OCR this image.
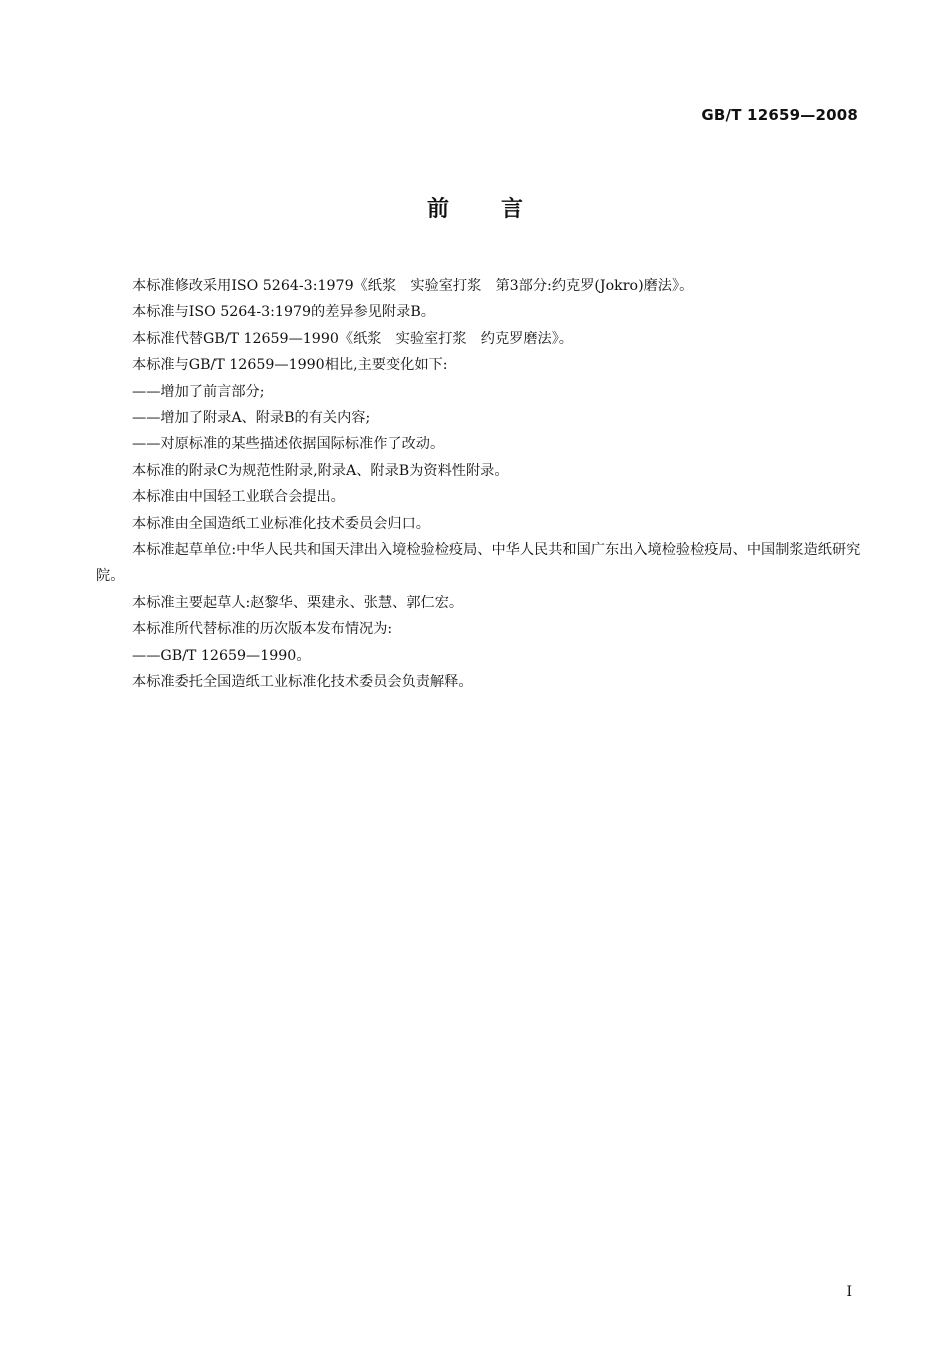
GB/T 12659—2008
前 言

本标准修改采用ISO 5264-3:1979《纸浆　实验室打浆　第3部分:约克罗(Jokro)磨法》。

本标准与ISO 5264-3:1979的差异参见附录B。

本标准代替GB/T 12659—1990《纸浆　实验室打浆　约克罗磨法》。

本标准与GB/T 12659—1990相比,主要变化如下:

——增加了前言部分;

——增加了附录A、附录B的有关内容;

——对原标准的某些描述依据国际标准作了改动。

本标准的附录C为规范性附录,附录A、附录B为资料性附录。

本标准由中国轻工业联合会提出。

本标准由全国造纸工业标准化技术委员会归口。

本标准起草单位:中华人民共和国天津出入境检验检疫局、中华人民共和国广东出入境检验检疫局、中国制浆造纸研究院。

本标准主要起草人:赵黎华、栗建永、张慧、郭仁宏。

本标准所代替标准的历次版本发布情况为:

——GB/T 12659—1990。

本标准委托全国造纸工业标准化技术委员会负责解释。

I
